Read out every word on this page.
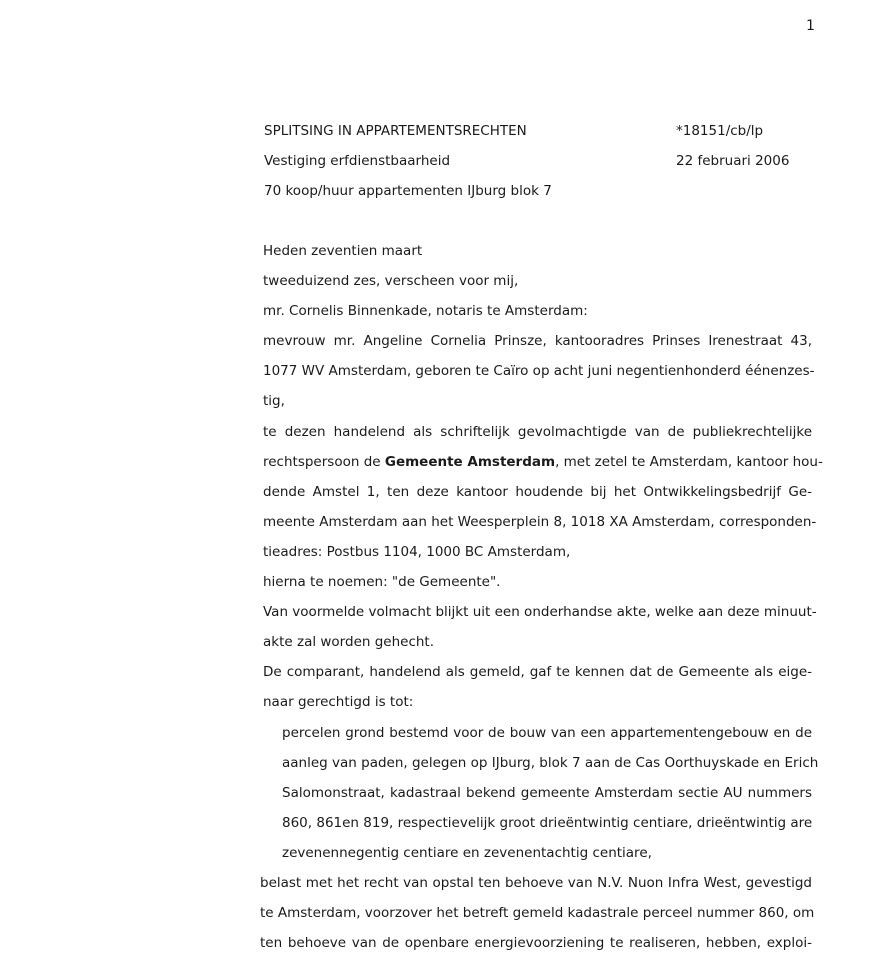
1
SPLITSING IN APPARTEMENTSRECHTEN	*18151/cb/lp
Vestiging erfdienstbaarheid	22 februari 2006
70 koop/huur appartementen IJburg blok 7
Heden zeventien maart
tweeduizend zes, verscheen voor mij,
mr. Cornelis Binnenkade, notaris te Amsterdam:
mevrouw mr. Angeline Cornelia Prinsze, kantooradres Prinses Irenestraat 43,
1077 WV Amsterdam, geboren te Caïro op acht juni negentienhonderd éénenzes-
tig,
te dezen handelend als schriftelijk gevolmachtigde van de publiekrechtelijke
rechtspersoon de Gemeente Amsterdam , met zetel te Amsterdam, kantoor hou-
dende Amstel 1, ten deze kantoor houdende bij het Ontwikkelingsbedrijf Ge-
meente Amsterdam aan het Weesperplein 8, 1018 XA Amsterdam, corresponden-
tieadres: Postbus 1104, 1000 BC Amsterdam,
hierna te noemen: "de Gemeente".
Van voormelde volmacht blijkt uit een onderhandse akte, welke aan deze minuut-
akte zal worden gehecht.
De comparant, handelend als gemeld, gaf te kennen dat de Gemeente als eige-
naar gerechtigd is tot:
percelen grond bestemd voor de bouw van een appartementengebouw en de
aanleg van paden, gelegen op IJburg, blok 7 aan de Cas Oorthuyskade en Erich
Salomonstraat, kadastraal bekend gemeente Amsterdam sectie AU nummers
860, 861en 819, respectievelijk groot drieëntwintig centiare, drieëntwintig are
zevenennegentig centiare en zevenentachtig centiare,
belast met het recht van opstal ten behoeve van N.V. Nuon Infra West, gevestigd
te Amsterdam, voorzover het betreft gemeld kadastrale perceel nummer 860, om
ten behoeve van de openbare energievoorziening te realiseren, hebben, exploi-
